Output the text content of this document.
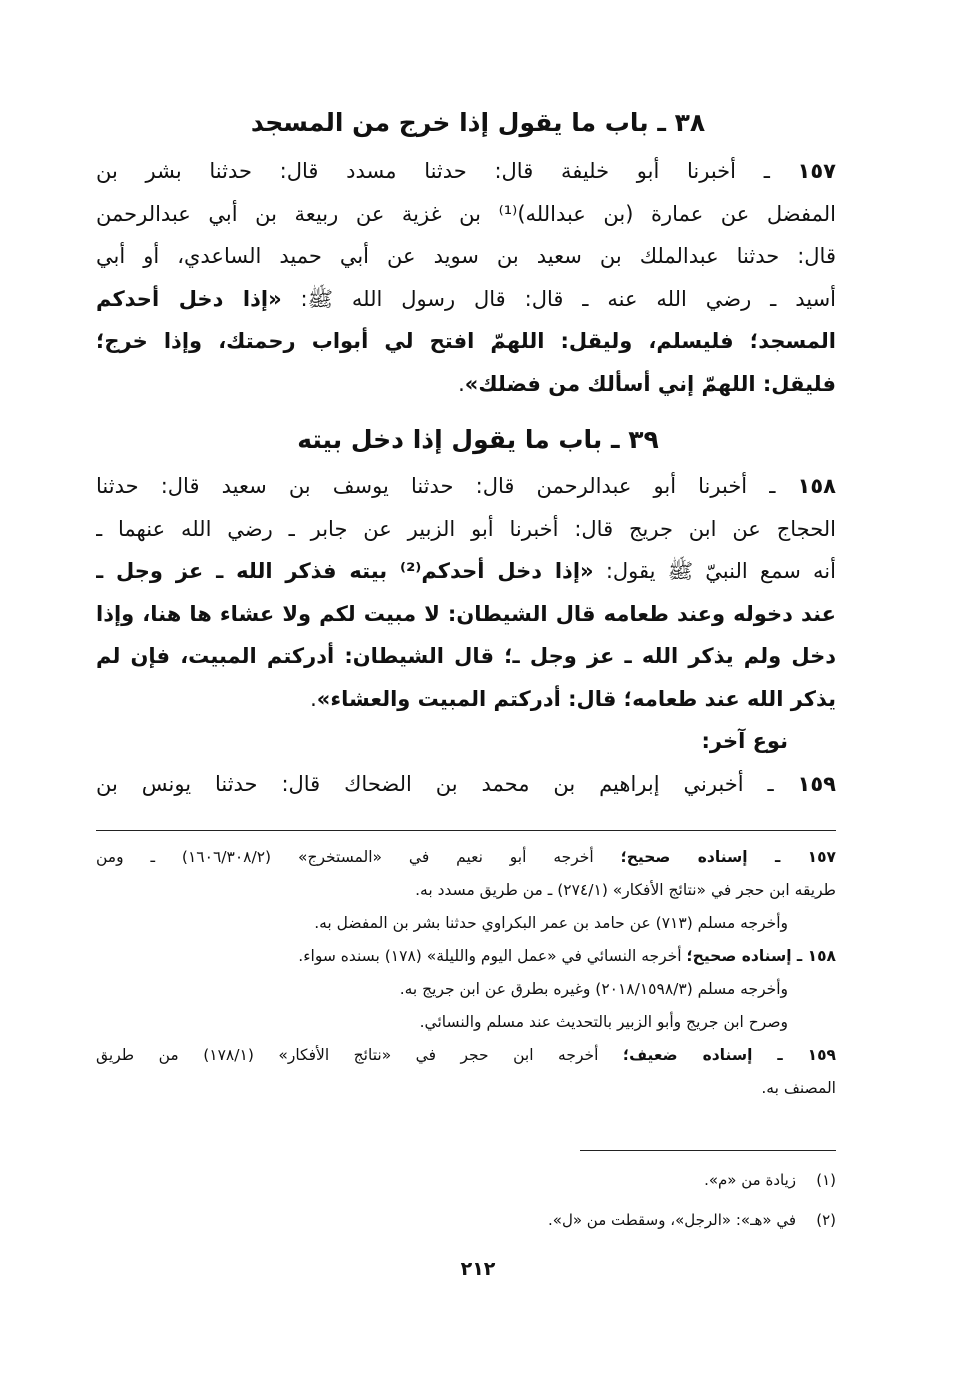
٣٨ ـ باب ما يقول إذا خرج من المسجد
١٥٧ ـ أخبرنا أبو خليفة قال: حدثنا مسدد قال: حدثنا بشر بن
المفضل عن عمارة (بن عبدالله)⁽¹⁾ بن غزية عن ربيعة بن أبي عبدالرحمن
قال: حدثنا عبدالملك بن سعيد بن سويد عن أبي حميد الساعدي، أو أبي
أسيد ـ رضي الله عنه ـ قال: قال رسول الله ﷺ: «إذا دخل أحدكم
المسجد؛ فليسلم، وليقل: اللهمّ افتح لي أبواب رحمتك، وإذا خرج؛
فليقل: اللهمّ إني أسألك من فضلك».
٣٩ ـ باب ما يقول إذا دخل بيته
١٥٨ ـ أخبرنا أبو عبدالرحمن قال: حدثنا يوسف بن سعيد قال: حدثنا
الحجاج عن ابن جريج قال: أخبرنا أبو الزبير عن جابر ـ رضي الله عنهما ـ
أنه سمع النبيّ ﷺ يقول: «إذا دخل أحدكم⁽²⁾ بيته فذكر الله ـ عز وجل ـ
عند دخوله وعند طعامه قال الشيطان: لا مبيت لكم ولا عشاء ها هنا، وإذا
دخل ولم يذكر الله ـ عز وجل ـ؛ قال الشيطان: أدركتم المبيت، فإن لم
يذكر الله عند طعامه؛ قال: أدركتم المبيت والعشاء».
نوع آخر:
١٥٩ ـ أخبرني إبراهيم بن محمد بن الضحاك قال: حدثنا يونس بن
١٥٧ ـ إسناده صحيح؛ أخرجه أبو نعيم في «المستخرج» (١٦٠٦/٣٠٨/٢) ـ ومن
طريقه ابن حجر في «نتائج الأفكار» (٢٧٤/١) ـ من طريق مسدد به.
وأخرجه مسلم (٧١٣) عن حامد بن عمر البكراوي حدثنا بشر بن المفضل به.
١٥٨ ـ إسناده صحيح؛ أخرجه النسائي في «عمل اليوم والليلة» (١٧٨) بسنده سواء.
وأخرجه مسلم (٢٠١٨/١٥٩٨/٣) وغيره بطرق عن ابن جريج به.
وصرح ابن جريج وأبو الزبير بالتحديث عند مسلم والنسائي.
١٥٩ ـ إسناده ضعيف؛ أخرجه ابن حجر في «نتائج الأفكار» (١٧٨/١) من طريق
المصنف به.
(١)زيادة من «م».
(٢)في «هـ»: «الرجل»، وسقطت من «ل».
٢١٢
